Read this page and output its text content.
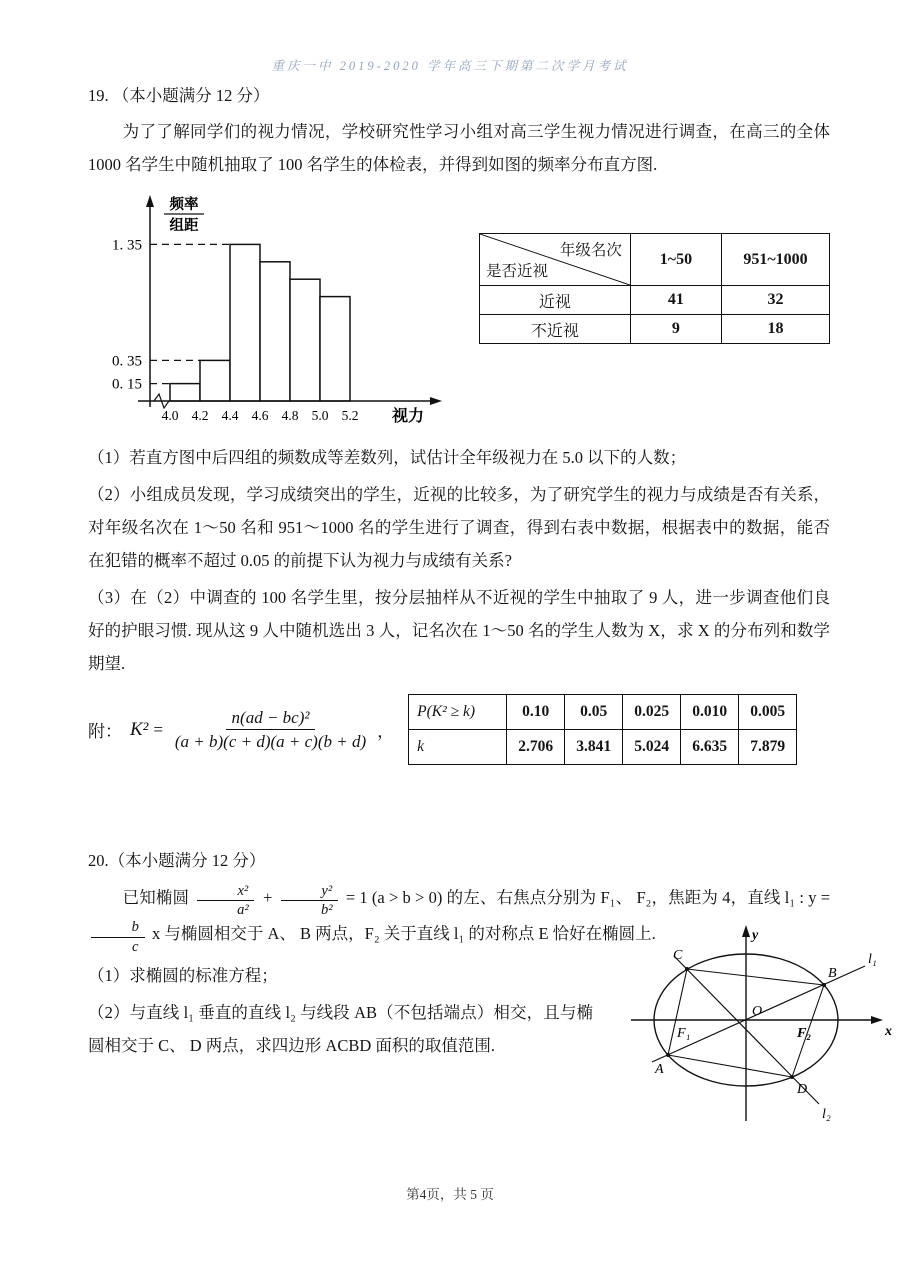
重庆一中 2019-2020 学年高三下期第二次学月考试

19. （本小题满分 12 分）

为了了解同学们的视力情况，学校研究性学习小组对高三学生视力情况进行调查，在高三的全体 1000 名学生中随机抽取了 100 名学生的体检表，并得到如图的频率分布直方图.

1. 35
0. 35
0. 15
4.0 4.2 4.4 4.6 4.8 5.0 5.2 视力
频率
组距
年级名次
是否近视	1~50	951~1000
近视	41	32
不近视	9	18

（1）若直方图中后四组的频数成等差数列，试估计全年级视力在 5.0 以下的人数；

（2）小组成员发现，学习成绩突出的学生，近视的比较多，为了研究学生的视力与成绩是否有关系，对年级名次在 1～50 名和 951～1000 名的学生进行了调查，得到右表中数据，根据表中的数据，能否在犯错的概率不超过 0.05 的前提下认为视力与成绩有关系?

（3）在（2）中调查的 100 名学生里，按分层抽样从不近视的学生中抽取了 9 人，进一步调查他们良好的护眼习惯. 现从这 9 人中随机选出 3 人，记名次在 1～50 名的学生人数为 X，求 X 的分布列和数学期望.

附： $K^2 = \frac{\text{n(ad − bc)²}}{(a + b)(c + d)(a + c)(b + d)}$ ，
P(K² ≥ k)	0.10	0.05	0.025	0.010	0.005
k	2.706	3.841	5.024	6.635	7.879

20.（本小题满分 12 分）

已知椭圆 $\frac{\text{x²}}{\text{a²}} + \frac{\text{y²}}{\text{b²}} = 1$ (a > b > 0) 的左、右焦点分别为 F₁、 F₂，焦距为 4，直线 l₁ : y =
$\frac{b}{c}$ x 与椭圆相交于 A、 B 两点，F₂ 关于直线 l₁ 的对称点 E 恰好在椭圆上.

（1）求椭圆的标准方程；

（2）与直线 l₁ 垂直的直线 l₂ 与线段 AB（不包括端点）相交，且与椭圆相交于 C、 D 两点，求四边形 ACBD 面积的取值范围.

y
x
O
F₁	F₂
A
B
C
D
l₁
l₂
第4页，共 5 页
